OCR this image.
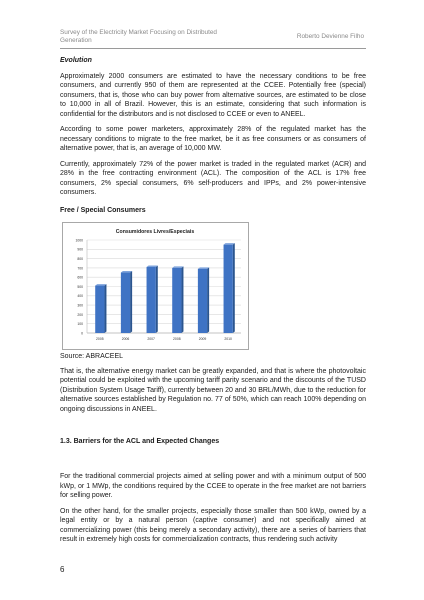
Survey of the Electricity Market Focusing on Distributed Generation
Roberto Devienne Filho
Evolution

Approximately 2000 consumers are estimated to have the necessary conditions to be free consumers, and currently 950 of them are represented at the CCEE. Potentially free (special) consumers, that is, those who can buy power from alternative sources, are estimated to be close to 10,000 in all of Brazil. However, this is an estimate, considering that such information is confidential for the distributors and is not disclosed to CCEE or even to ANEEL.

According to some power marketers, approximately 28% of the regulated market has the necessary conditions to migrate to the free market, be it as free consumers or as consumers of alternative power, that is, an average of 10,000 MW.

Currently, approximately 72% of the power market is traded in the regulated market (ACR) and 28% in the free contracting environment (ACL). The composition of the ACL is 17% free consumers, 2% special consumers, 6% self-producers and IPPs, and 2% power-intensive consumers.

Free / Special Consumers
Consumidores Livres/Especiais
0
100
200
300
400
500
600
700
800
900
1000
2005	2006	2007	2008	2009	2010

Source: ABRACEEL

That is, the alternative energy market can be greatly expanded, and that is where the photovoltaic potential could be exploited with the upcoming tariff parity scenario and the discounts of the TUSD (Distribution System Usage Tariff), currently between 20 and 30 BRL/MWh, due to the reduction for alternative sources established by Regulation no. 77 of 50%, which can reach 100% depending on ongoing discussions in ANEEL.

1.3. Barriers for the ACL and Expected Changes

For the traditional commercial projects aimed at selling power and with a minimum output of 500 kWp, or 1 MWp, the conditions required by the CCEE to operate in the free market are not barriers for selling power.

On the other hand, for the smaller projects, especially those smaller than 500 kWp, owned by a legal entity or by a natural person (captive consumer) and not specifically aimed at commercializing power (this being merely a secondary activity), there are a series of barriers that result in extremely high costs for commercialization contracts, thus rendering such activity

6
